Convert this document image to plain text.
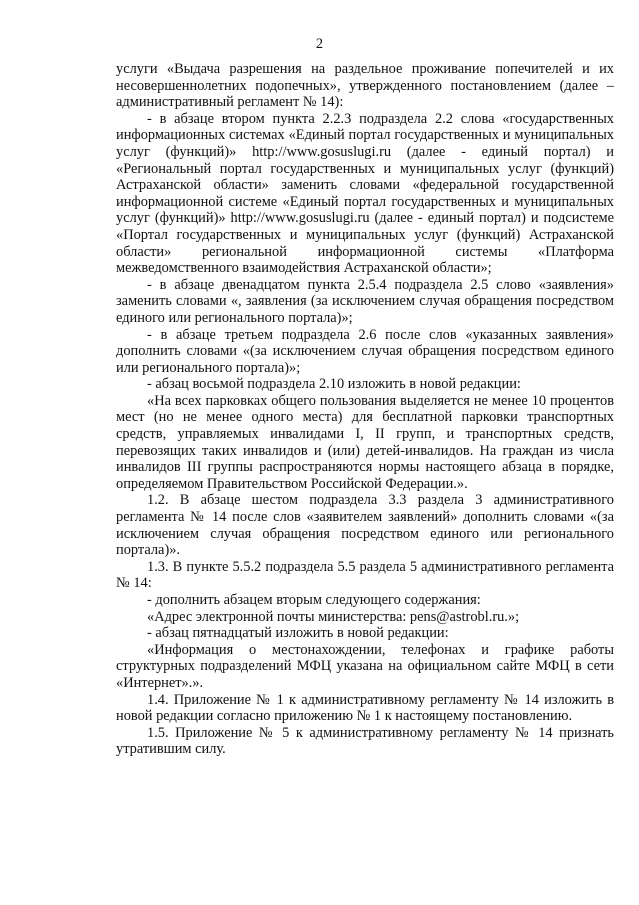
2

услуги «Выдача разрешения на раздельное проживание попечителей и их несовершеннолетних подопечных», утвержденного постановлением (далее – административный регламент № 14):

- в абзаце втором пункта 2.2.3 подраздела 2.2 слова «государственных информационных системах «Единый портал государственных и муниципальных услуг (функций)» http://www.gosuslugi.ru (далее - единый портал) и «Региональный портал государственных и муниципальных услуг (функций) Астраханской области» заменить словами «федеральной государственной информационной системе «Единый портал государственных и муниципальных услуг (функций)» http://www.gosuslugi.ru (далее - единый портал) и подсистеме «Портал государственных и муниципальных услуг (функций) Астраханской области» региональной информационной системы «Платформа межведомственного взаимодействия Астраханской области»;

- в абзаце двенадцатом пункта 2.5.4 подраздела 2.5 слово «заявления» заменить словами «, заявления (за исключением случая обращения посредством единого или регионального портала)»;

- в абзаце третьем подраздела 2.6 после слов «указанных заявления» дополнить словами «(за исключением случая обращения посредством единого или регионального портала)»;

- абзац восьмой подраздела 2.10 изложить в новой редакции:

«На всех парковках общего пользования выделяется не менее 10 процентов мест (но не менее одного места) для бесплатной парковки транспортных средств, управляемых инвалидами I, II групп, и транспортных средств, перевозящих таких инвалидов и (или) детей-инвалидов. На граждан из числа инвалидов III группы распространяются нормы настоящего абзаца в порядке, определяемом Правительством Российской Федерации.».

1.2. В абзаце шестом подраздела 3.3 раздела 3 административного регламента № 14 после слов «заявителем заявлений» дополнить словами «(за исключением случая обращения посредством единого или регионального портала)».

1.3. В пункте 5.5.2 подраздела 5.5 раздела 5 административного регламента № 14:

- дополнить абзацем вторым следующего содержания:

«Адрес электронной почты министерства: pens@astrobl.ru.»;

- абзац пятнадцатый изложить в новой редакции:

«Информация о местонахождении, телефонах и графике работы структурных подразделений МФЦ указана на официальном сайте МФЦ в сети «Интернет».».

1.4. Приложение № 1 к административному регламенту № 14 изложить в новой редакции согласно приложению № 1 к настоящему постановлению.

1.5. Приложение № 5 к административному регламенту № 14 признать утратившим силу.
